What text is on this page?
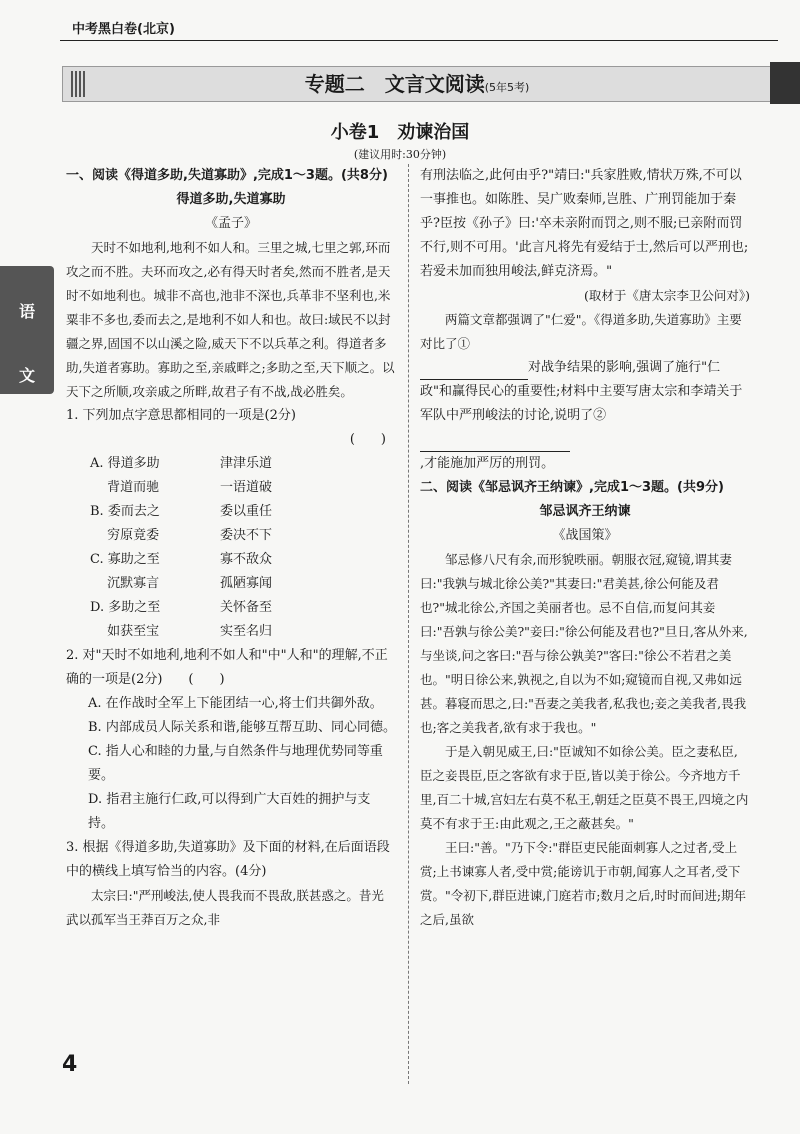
中考黑白卷(北京)
专题二　文言文阅读(5年5考)
语
文
小卷1　劝谏治国
(建议用时:30分钟)
一、阅读《得道多助,失道寡助》,完成1～3题。(共8分)
得道多助,失道寡助
《孟子》
天时不如地利,地利不如人和。三里之城,七里之郭,环而攻之而不胜。夫环而攻之,必有得天时者矣,然而不胜者,是天时不如地利也。城非不高也,池非不深也,兵革非不坚利也,米粟非不多也,委而去之,是地利不如人和也。故曰:域民不以封疆之界,固国不以山溪之险,威天下不以兵革之利。得道者多助,失道者寡助。寡助之至,亲戚畔之;多助之至,天下顺之。以天下之所顺,攻亲戚之所畔,故君子有不战,战必胜矣。
1. 下列加点字意思都相同的一项是(2分)
(　　)
A. 得道多助	津津乐道
　 背道而驰	一语道破
B. 委而去之	委以重任
　 穷原竟委	委决不下
C. 寡助之至	寡不敌众
　 沉默寡言	孤陋寡闻
D. 多助之至	关怀备至
　 如获至宝	实至名归
2. 对"天时不如地利,地利不如人和"中"人和"的理解,不正确的一项是(2分)　　(　　)
A. 在作战时全军上下能团结一心,将士们共御外敌。
B. 内部成员人际关系和谐,能够互帮互助、同心同德。
C. 指人心和睦的力量,与自然条件与地理优势同等重要。
D. 指君主施行仁政,可以得到广大百姓的拥护与支持。
3. 根据《得道多助,失道寡助》及下面的材料,在后面语段中的横线上填写恰当的内容。(4分)
太宗曰:"严刑峻法,使人畏我而不畏敌,朕甚惑之。昔光武以孤军当王莽百万之众,非
有刑法临之,此何由乎?"靖曰:"兵家胜败,情状万殊,不可以一事推也。如陈胜、吴广败秦师,岂胜、广刑罚能加于秦乎?臣按《孙子》曰:'卒未亲附而罚之,则不服;已亲附而罚不行,则不可用。'此言凡将先有爱结于士,然后可以严刑也;若爱未加而独用峻法,鲜克济焉。"
(取材于《唐太宗李卫公问对》)
两篇文章都强调了"仁爱"。《得道多助,失道寡助》主要对比了①
对战争结果的影响,强调了施行"仁政"和赢得民心的重要性;材料中主要写唐太宗和李靖关于军队中严刑峻法的讨论,说明了②
,才能施加严厉的刑罚。
二、阅读《邹忌讽齐王纳谏》,完成1～3题。(共9分)
邹忌讽齐王纳谏
《战国策》
邹忌修八尺有余,而形貌昳丽。朝服衣冠,窥镜,谓其妻曰:"我孰与城北徐公美?"其妻曰:"君美甚,徐公何能及君也?"城北徐公,齐国之美丽者也。忌不自信,而复问其妾曰:"吾孰与徐公美?"妾曰:"徐公何能及君也?"旦日,客从外来,与坐谈,问之客曰:"吾与徐公孰美?"客曰:"徐公不若君之美也。"明日徐公来,孰视之,自以为不如;窥镜而自视,又弗如远甚。暮寝而思之,曰:"吾妻之美我者,私我也;妾之美我者,畏我也;客之美我者,欲有求于我也。"
于是入朝见威王,曰:"臣诚知不如徐公美。臣之妻私臣,臣之妾畏臣,臣之客欲有求于臣,皆以美于徐公。今齐地方千里,百二十城,宫妇左右莫不私王,朝廷之臣莫不畏王,四境之内莫不有求于王:由此观之,王之蔽甚矣。"
王曰:"善。"乃下令:"群臣吏民能面刺寡人之过者,受上赏;上书谏寡人者,受中赏;能谤讥于市朝,闻寡人之耳者,受下赏。"令初下,群臣进谏,门庭若市;数月之后,时时而间进;期年之后,虽欲
4
